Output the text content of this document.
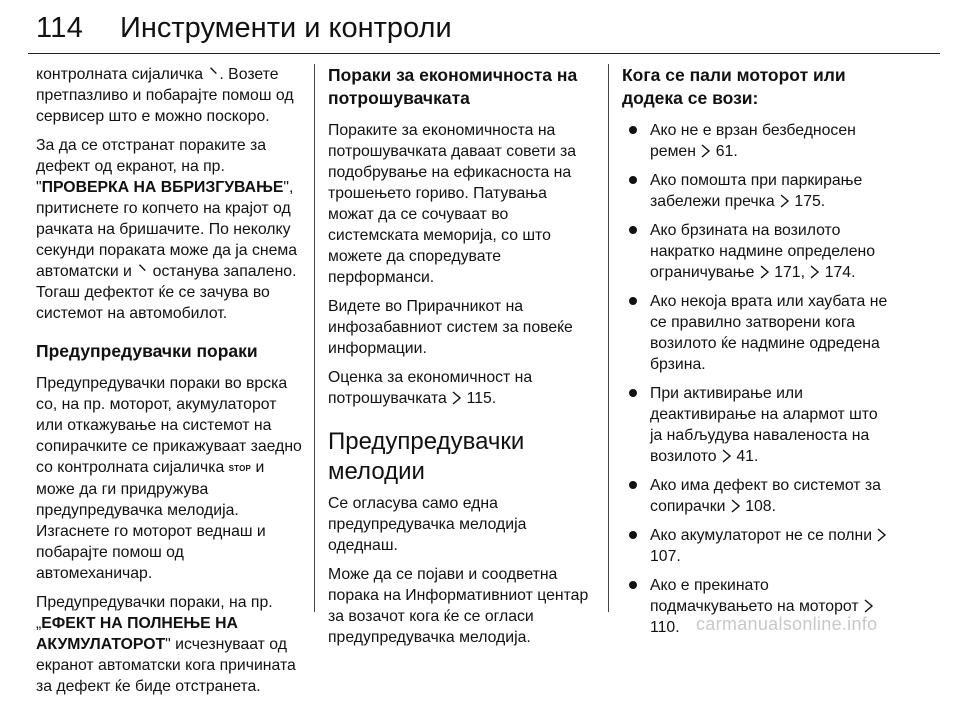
114 Инструменти и контроли

контролната сијаличка ⸌ . Возете претпазливо и побарајте помош од сервисер што е можно поскоро.

За да се отстранат пораките за дефект од екранот, на пр. "ПРОВЕРКА НА ВБРИЗГУВАЊЕ", притиснете го копчето на крајот од рачката на бришачите. По неколку секунди пораката може да ја снема автоматски и ⸌ останува запалено. Тогаш дефектот ќе се зачува во системот на автомобилот.

Предупредувачки пораки

Предупредувачки пораки во врска со, на пр. моторот, акумулаторот или откажување на системот на сопирачките се прикажуваат заедно со контролната сијаличка STOP и може да ги придружува предупредувачка мелодија. Изгаснете го моторот веднаш и побарајте помош од автомеханичар.

Предупредувачки пораки, на пр. „ЕФЕКТ НА ПОЛНЕЊЕ НА АКУМУЛАТОРОТ" исчезнуваат од екранот автоматски кога причината за дефект ќе биде отстранета.

Пораки за економичноста на потрошувачката

Пораките за економичноста на потрошувачката даваат совети за подобрување на ефикасноста на трошењето гориво. Патувања можат да се сочуваат во системската меморија, со што можете да споредувате перформанси.

Видете во Прирачникот на инфозабавниот систем за повеќе информации.

Оценка за економичност на потрошувачката  115.

Предупредувачки мелодии

Се огласува само една предупредувачка мелодија одеднаш.

Може да се појави и соодветна порака на Информативниот центар за возачот кога ќе се огласи предупредувачка мелодија.

Кога се пали моторот или додека се вози:
Ако не е врзан безбедносен ремен  61.
Ако помошта при паркирање забележи пречка  175.
Ако брзината на возилото накратко надмине определено ограничување  171,  174.
Ако некоја врата или хаубата не се правилно затворени кога возилото ќе надмине одредена брзина.
При активирање или деактивирање на алармот што ја набљудува навaленоста на возилото  41.
Ако има дефект во системот за сопирачки  108.
Ако акумулаторот не се полни  107.
Ако е прекинато подмачкувањето на моторот  110. carmanualsonline.info
